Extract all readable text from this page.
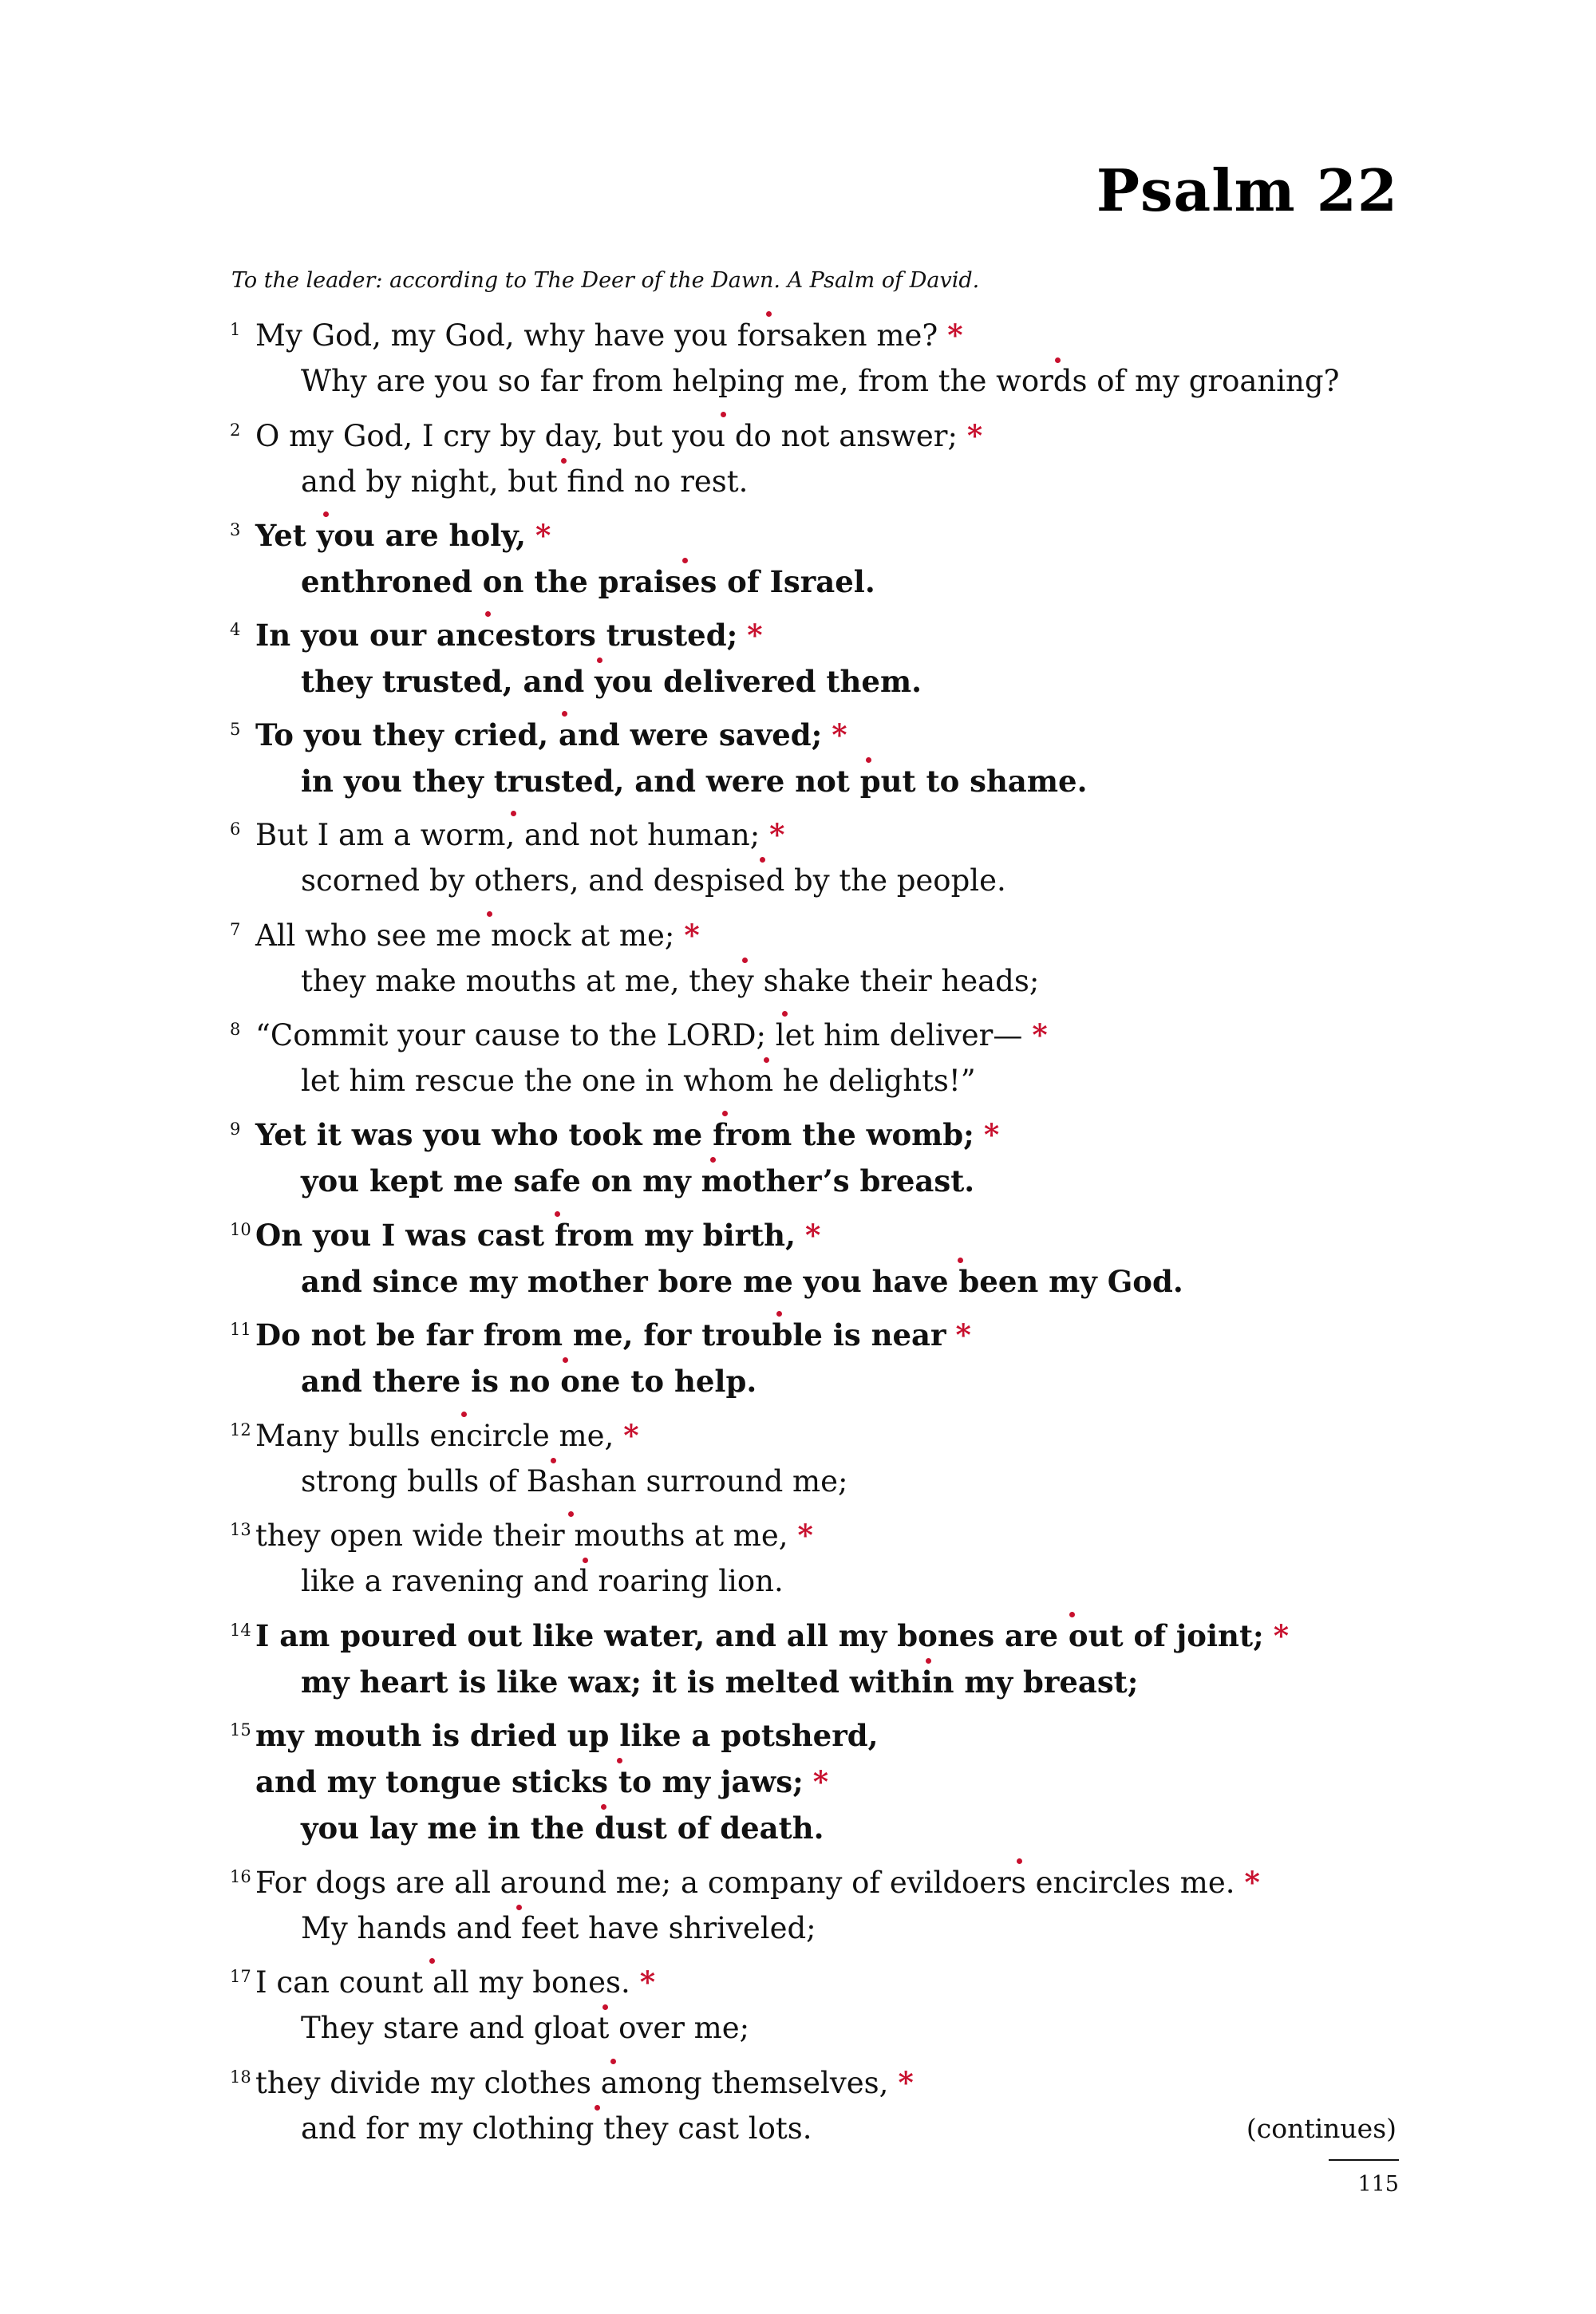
Psalm 22
To the leader: according to The Deer of the Dawn. A Psalm of David.
My God, my God, why have you forsaken me? *
1
Why are you so far from helping me, from the words of my groaning?
O my God, I cry by day, but you do not answer; *
2
and by night, but find no rest.
Yet you are holy, *
3
enthroned on the praises of Israel.
In you our ancestors trusted; *
4
they trusted, and you delivered them.
To you they cried, and were saved; *
5
in you they trusted, and were not put to shame.
But I am a worm, and not human; *
6
scorned by others, and despised by the people.
All who see me mock at me; *
7
they make mouths at me, they shake their heads;
“Commit your cause to the LORD; let him deliver— *
8
let him rescue the one in whom he delights!”
Yet it was you who took me from the womb; *
9
you kept me safe on my mother’s breast.
On you I was cast from my birth, *
10
and since my mother bore me you have been my God.
Do not be far from me, for trouble is near *
11
and there is no one to help.
Many bulls encircle me, *
12
strong bulls of Bashan surround me;
they open wide their mouths at me, *
13
like a ravening and roaring lion.
I am poured out like water, and all my bones are out of joint; *
14
my heart is like wax; it is melted within my breast;
my mouth is dried up like a potsherd,
15
and my tongue sticks to my jaws; *
you lay me in the dust of death.
For dogs are all around me; a company of evildoers encircles me. *
16
My hands and feet have shriveled;
I can count all my bones. *
17
They stare and gloat over me;
they divide my clothes among themselves, *
18
and for my clothing they cast lots.	(continues)
115
